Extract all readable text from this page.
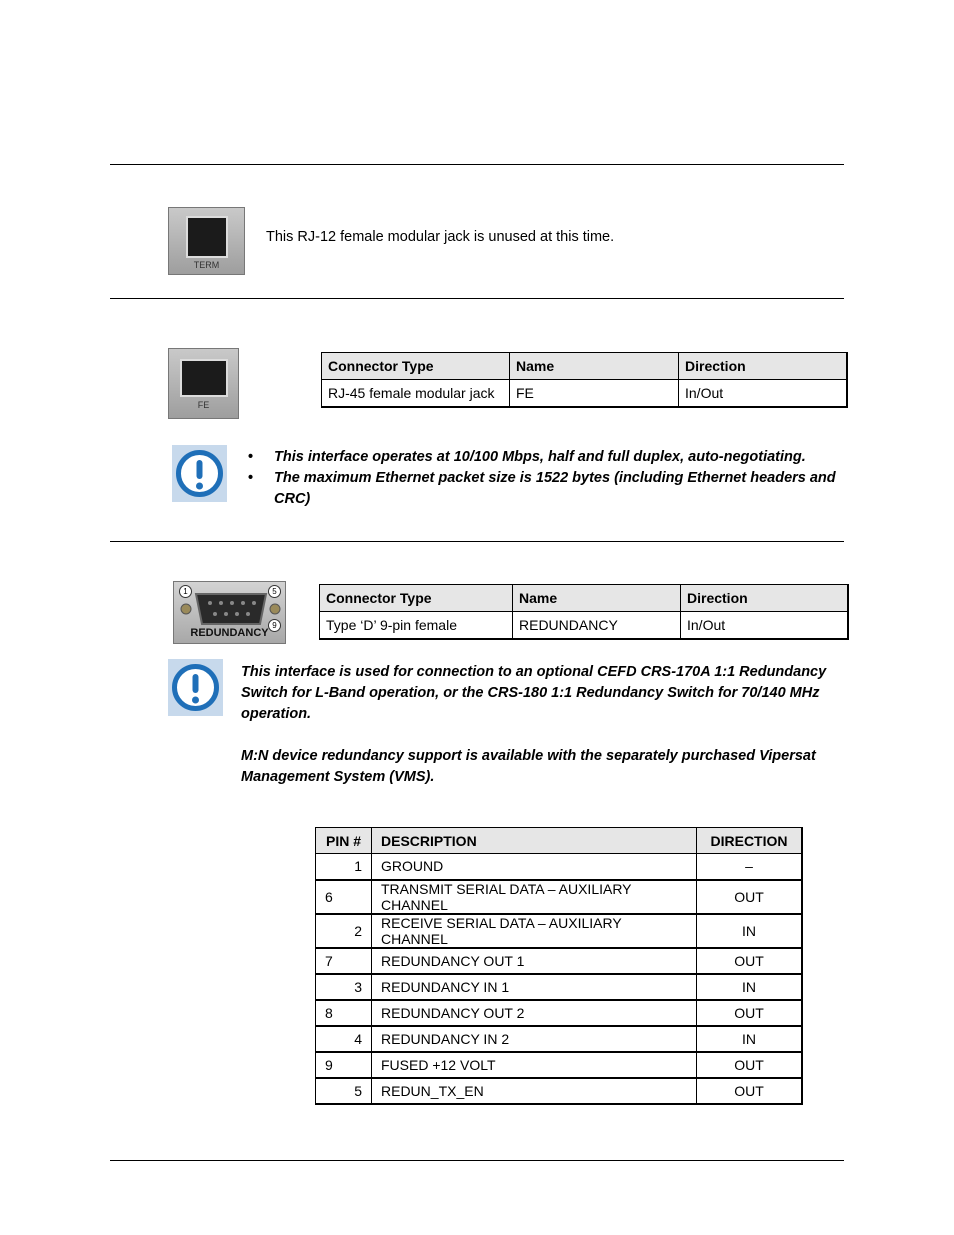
TERM
This RJ-12 female modular jack is unused at this time.
FE
Connector Type	Name	Direction
RJ-45 female modular jack	FE	In/Out
• This interface operates at 10/100 Mbps, half and full duplex, auto-negotiating.
• The maximum Ethernet packet size is 1522 bytes (including Ethernet headers and CRC)
1	5
9
REDUNDANCY
Connector Type	Name	Direction
Type ‘D’ 9-pin female	REDUNDANCY	In/Out
This interface is used for connection to an optional CEFD CRS-170A 1:1 Redundancy Switch for L-Band operation, or the CRS-180 1:1 Redundancy Switch for 70/140 MHz operation.
M:N device redundancy support is available with the separately purchased Vipersat Management System (VMS).
PIN #	DESCRIPTION	DIRECTION
1	GROUND	–
6	TRANSMIT SERIAL DATA – AUXILIARY CHANNEL	OUT
2	RECEIVE SERIAL DATA – AUXILIARY CHANNEL	IN
7	REDUNDANCY OUT 1	OUT
3	REDUNDANCY IN 1	IN
8	REDUNDANCY OUT 2	OUT
4	REDUNDANCY IN 2	IN
9	FUSED +12 VOLT	OUT
5	REDUN_TX_EN	OUT
